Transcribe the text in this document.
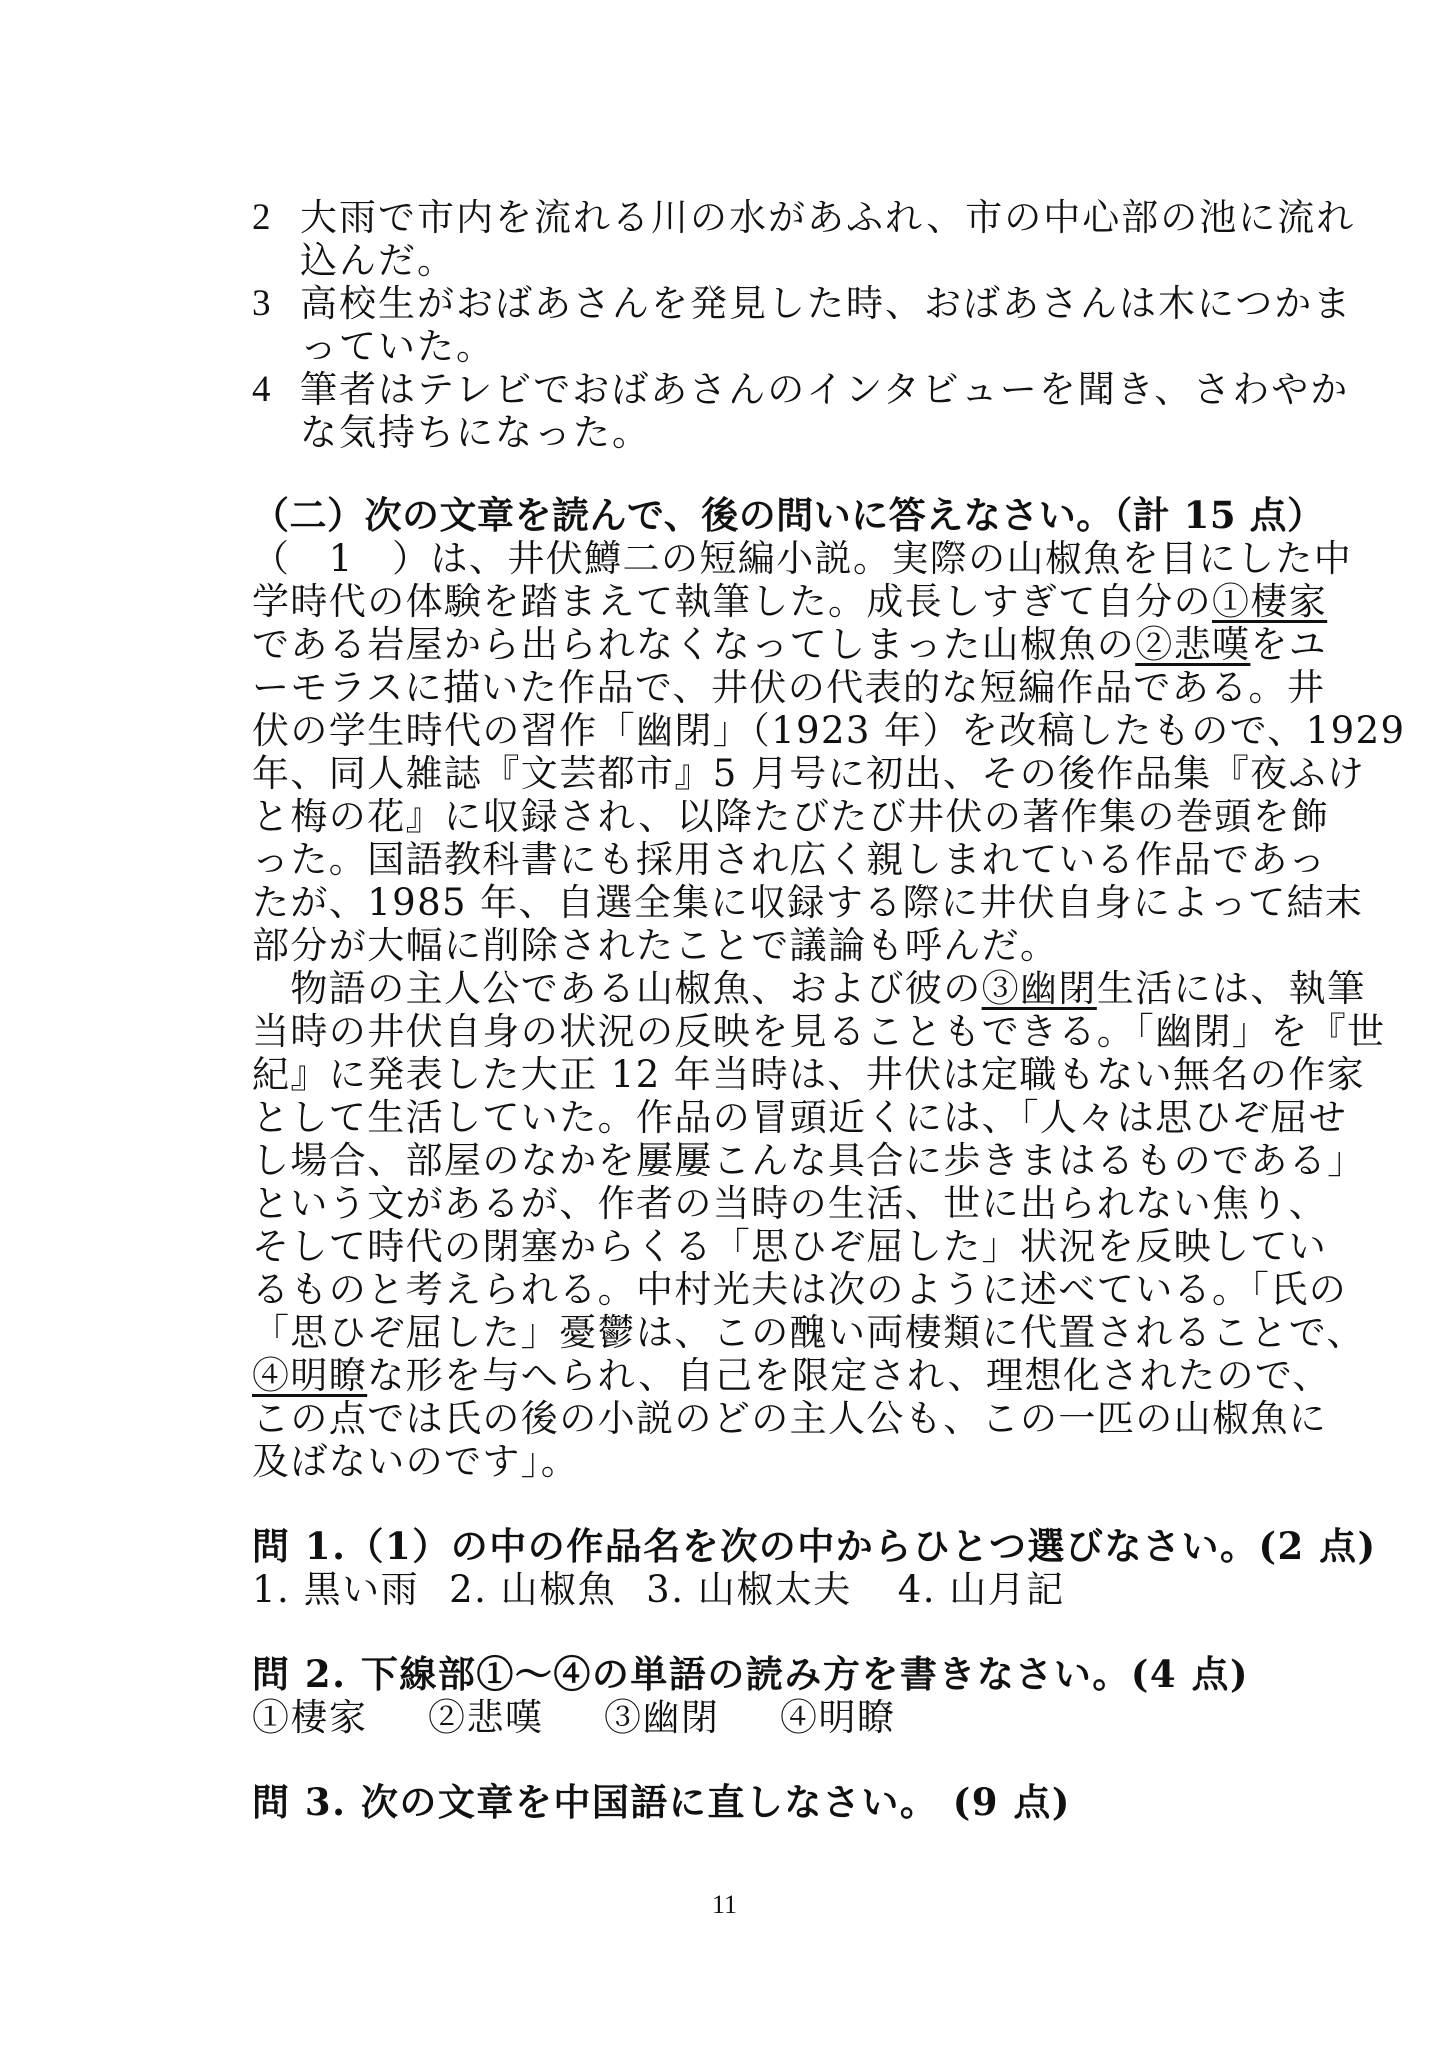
2 大雨で市内を流れる川の水があふれ、市の中心部の池に流れ
込んだ。
3 高校生がおばあさんを発見した時、おばあさんは木につかま
っていた。
4 筆者はテレビでおばあさんのインタビューを聞き、さわやか
な気持ちになった。
（二）次の文章を読んで、後の問いに答えなさい。（計 15 点）
（　1　）は、井伏鱒二の短編小説。実際の山椒魚を目にした中
学時代の体験を踏まえて執筆した。成長しすぎて自分の①棲家
である岩屋から出られなくなってしまった山椒魚の②悲嘆をユ
ーモラスに描いた作品で、井伏の代表的な短編作品である。井
伏の学生時代の習作「幽閉」（1923 年）を改稿したもので、1929
年、同人雑誌『文芸都市』5 月号に初出、その後作品集『夜ふけ
と梅の花』に収録され、以降たびたび井伏の著作集の巻頭を飾
った。国語教科書にも採用され広く親しまれている作品であっ
たが、1985 年、自選全集に収録する際に井伏自身によって結末
部分が大幅に削除されたことで議論も呼んだ。
　物語の主人公である山椒魚、および彼の③幽閉生活には、執筆
当時の井伏自身の状況の反映を見ることもできる。「幽閉」を『世
紀』に発表した大正 12 年当時は、井伏は定職もない無名の作家
として生活していた。作品の冒頭近くには、「人々は思ひぞ屈せ
し場合、部屋のなかを屢屢こんな具合に歩きまはるものである」
という文があるが、作者の当時の生活、世に出られない焦り、
そして時代の閉塞からくる「思ひぞ屈した」状況を反映してい
るものと考えられる。中村光夫は次のように述べている。「氏の
「思ひぞ屈した」憂鬱は、この醜い両棲類に代置されることで、
④明瞭な形を与へられ、自己を限定され、理想化されたので、
この点では氏の後の小説のどの主人公も、この一匹の山椒魚に
及ばないのです」。
問 1.（1）の中の作品名を次の中からひとつ選びなさい。(2 点)
1. 黒い雨 2. 山椒魚 3. 山椒太夫 4. 山月記
問 2. 下線部①～④の単語の読み方を書きなさい。(4 点)
①棲家	②悲嘆	③幽閉	④明瞭
問 3. 次の文章を中国語に直しなさい。 (9 点)
11
